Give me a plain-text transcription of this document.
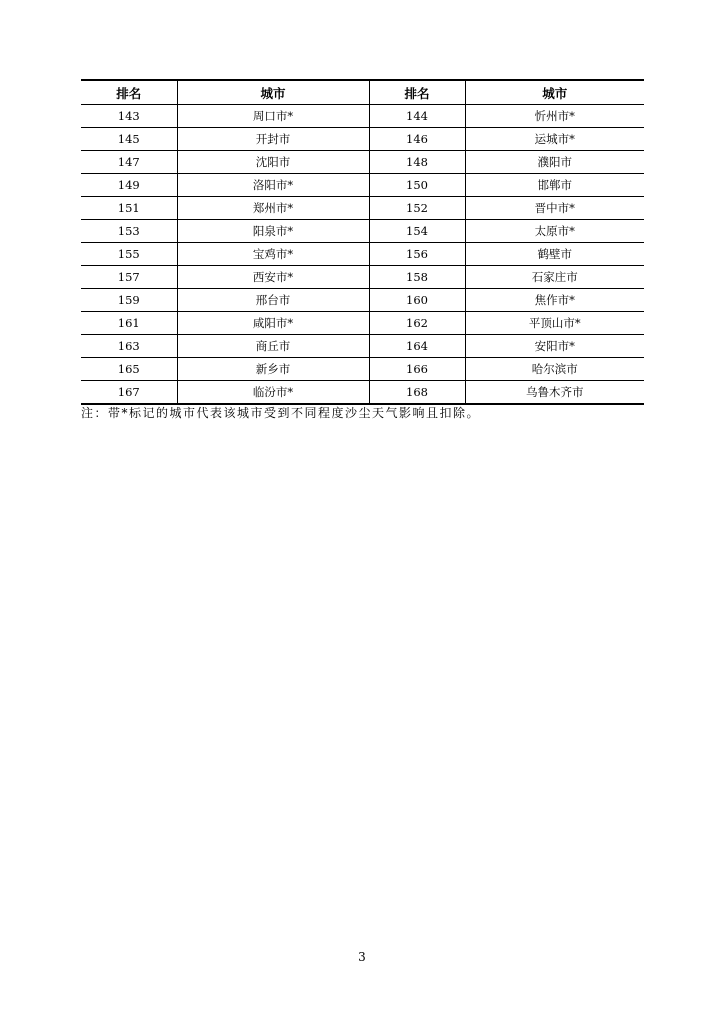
排名	城市	排名	城市
143	周口市*	144	忻州市*
145	开封市	146	运城市*
147	沈阳市	148	濮阳市
149	洛阳市*	150	邯郸市
151	郑州市*	152	晋中市*
153	阳泉市*	154	太原市*
155	宝鸡市*	156	鹤壁市
157	西安市*	158	石家庄市
159	邢台市	160	焦作市*
161	咸阳市*	162	平顶山市*
163	商丘市	164	安阳市*
165	新乡市	166	哈尔滨市
167	临汾市*	168	乌鲁木齐市
注：带*标记的城市代表该城市受到不同程度沙尘天气影响且扣除。
3
